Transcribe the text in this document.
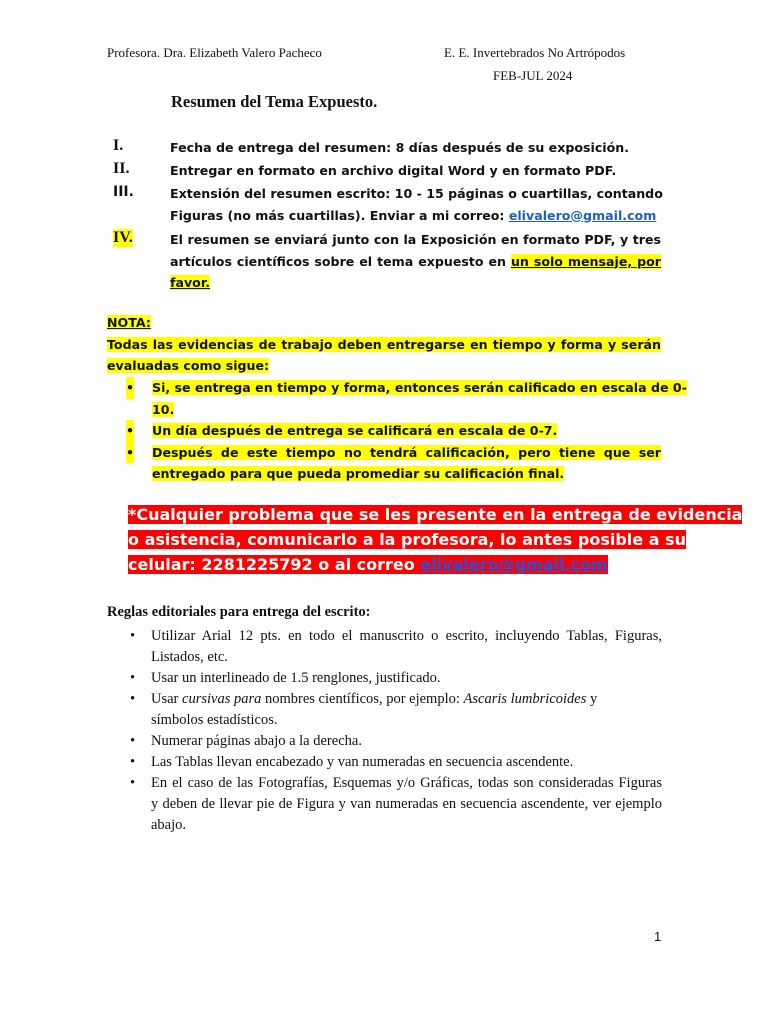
Profesora. Dra. Elizabeth Valero Pacheco	E. E. Invertebrados No Artrópodos
FEB-JUL 2024
Resumen del Tema Expuesto.
I.	Fecha de entrega del resumen: 8 días después de su exposición.
II.	Entregar en formato en archivo digital Word y en formato PDF.
III.	Extensión del resumen escrito: 10 - 15 páginas o cuartillas, contando
Figuras (no más cuartillas). Enviar a mi correo: elivalero@gmail.com
IV.	El resumen se enviará junto con la Exposición en formato PDF, y tres
artículos científicos sobre el tema expuesto en un solo mensaje, por
favor.
NOTA:
Todas las evidencias de trabajo deben entregarse en tiempo y forma y serán
evaluadas como sigue:
• Si, se entrega en tiempo y forma, entonces serán calificado en escala de 0-
10.
• Un día después de entrega se calificará en escala de 0-7.
• Después de este tiempo no tendrá calificación, pero tiene que ser
entregado para que pueda promediar su calificación final.
*Cualquier problema que se les presente en la entrega de evidencia
o asistencia, comunicarlo a la profesora, lo antes posible a su
celular: 2281225792 o al correo elivalero@gmail.com
Reglas editoriales para entrega del escrito:
• Utilizar Arial 12 pts. en todo el manuscrito o escrito, incluyendo Tablas, Figuras,
Listados, etc.
• Usar un interlineado de 1.5 renglones, justificado.
• Usar cursivas para nombres científicos, por ejemplo: Ascaris lumbricoides y
símbolos estadísticos.
• Numerar páginas abajo a la derecha.
• Las Tablas llevan encabezado y van numeradas en secuencia ascendente.
• En el caso de las Fotografías, Esquemas y/o Gráficas, todas son consideradas Figuras
y deben de llevar pie de Figura y van numeradas en secuencia ascendente, ver ejemplo
abajo.
1
